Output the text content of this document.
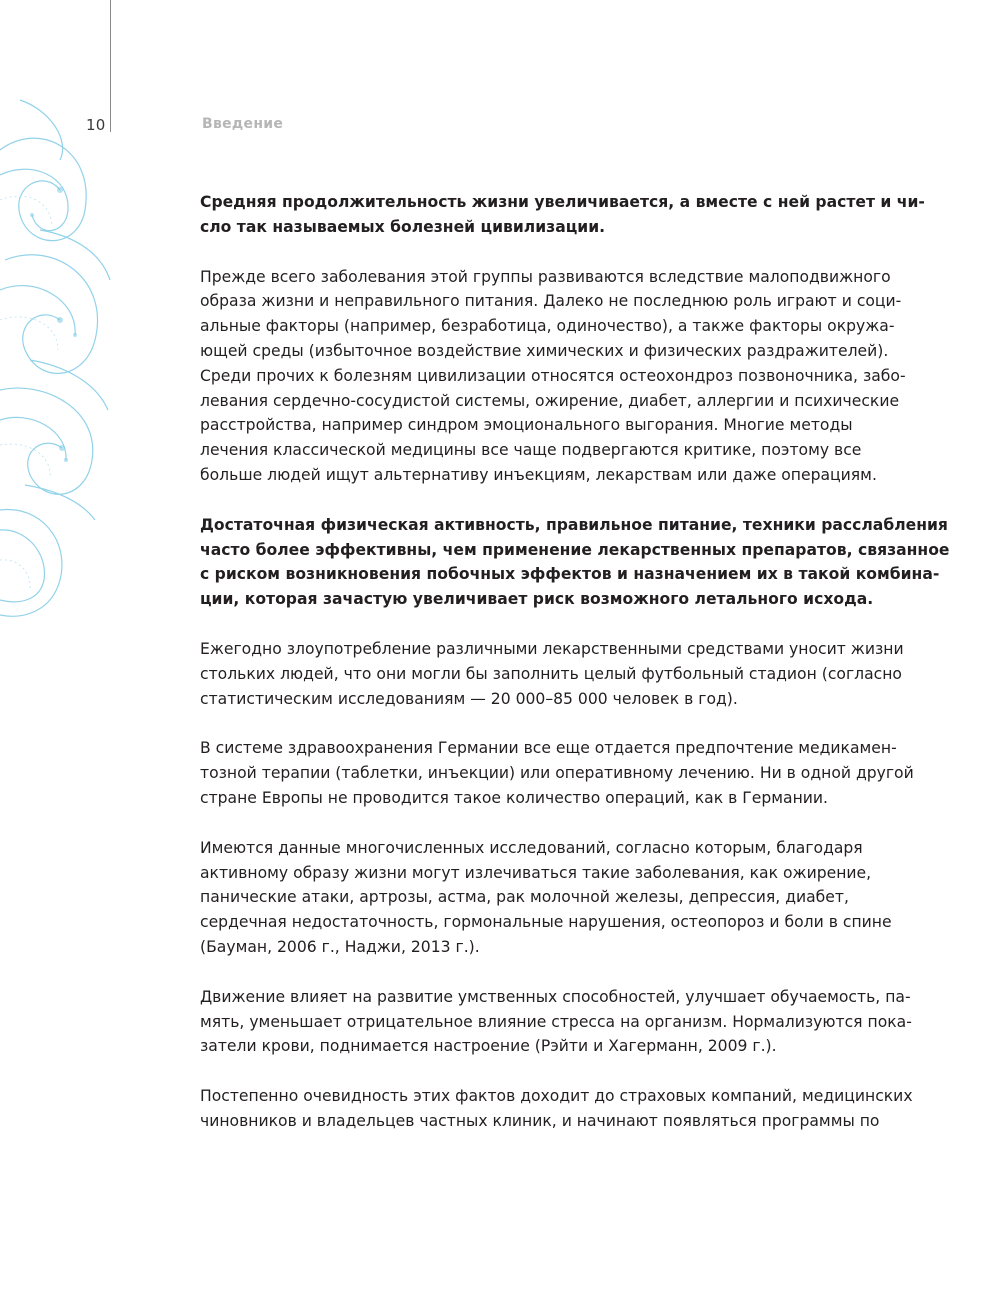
10	Введение
Средняя продолжительность жизни увеличивается, а вместе с ней растет и чи-
сло так называемых болезней цивилизации.
Прежде всего заболевания этой группы развиваются вследствие малоподвижного
образа жизни и неправильного питания. Далеко не последнюю роль играют и соци-
альные факторы (например, безработица, одиночество), а также факторы окружа-
ющей среды (избыточное воздействие химических и физических раздражителей).
Среди прочих к болезням цивилизации относятся остеохондроз позвоночника, забо-
левания сердечно-сосудистой системы, ожирение, диабет, аллергии и психические
расстройства, например синдром эмоционального выгорания. Многие методы
лечения классической медицины все чаще подвергаются критике, поэтому все
больше людей ищут альтернативу инъекциям, лекарствам или даже операциям.
Достаточная физическая активность, правильное питание, техники расслабления
часто более эффективны, чем применение лекарственных препаратов, связанное
с риском возникновения побочных эффектов и назначением их в такой комбина-
ции, которая зачастую увеличивает риск возможного летального исхода.
Ежегодно злоупотребление различными лекарственными средствами уносит жизни
стольких людей, что они могли бы заполнить целый футбольный стадион (согласно
статистическим исследованиям — 20 000–85 000 человек в год).
В системе здравоохранения Германии все еще отдается предпочтение медикамен-
тозной терапии (таблетки, инъекции) или оперативному лечению. Ни в одной другой
стране Европы не проводится такое количество операций, как в Германии.
Имеются данные многочисленных исследований, согласно которым, благодаря
активному образу жизни могут излечиваться такие заболевания, как ожирение,
панические атаки, артрозы, астма, рак молочной железы, депрессия, диабет,
сердечная недостаточность, гормональные нарушения, остеопороз и боли в спине
(Бауман, 2006 г., Наджи, 2013 г.).
Движение влияет на развитие умственных способностей, улучшает обучаемость, па-
мять, уменьшает отрицательное влияние стресса на организм. Нормализуются пока-
затели крови, поднимается настроение (Рэйти и Хагерманн, 2009 г.).
Постепенно очевидность этих фактов доходит до страховых компаний, медицинских
чиновников и владельцев частных клиник, и начинают появляться программы по
